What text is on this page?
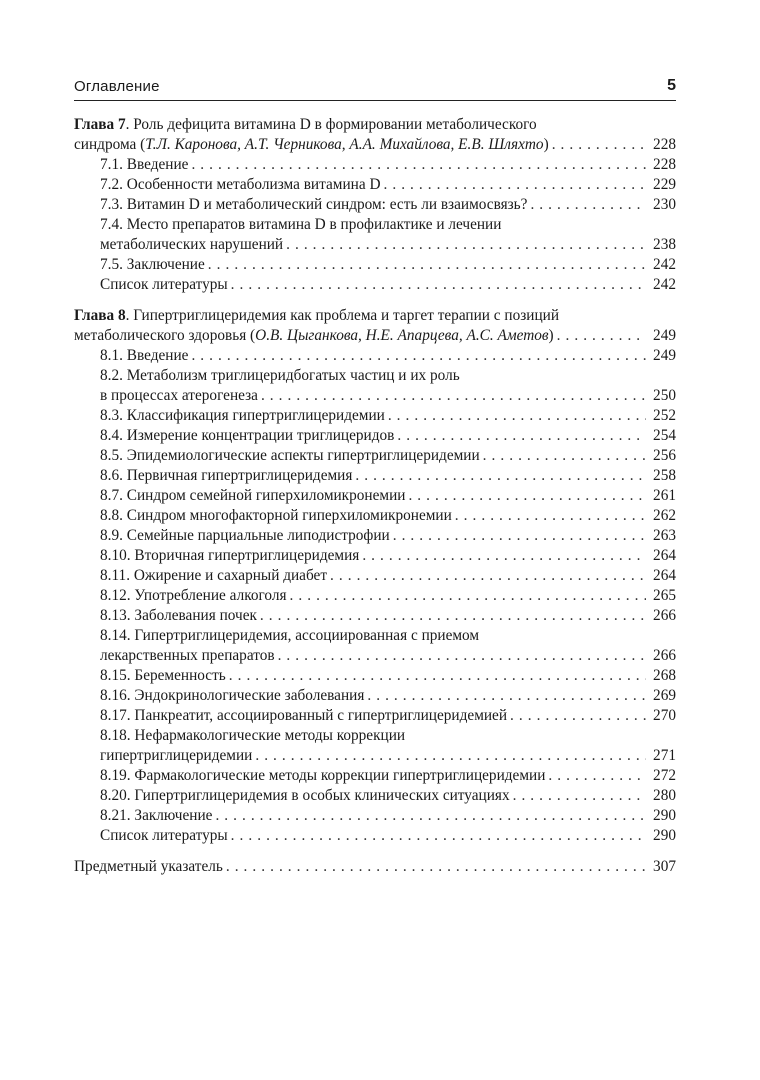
Оглавление	5
Глава 7. Роль дефицита витамина D в формировании метаболического
синдрома (Т.Л. Каронова, А.Т. Черникова, А.А. Михайлова, Е.В. Шляхто) . . .	228
7.1. Введение . . .	228
7.2. Особенности метаболизма витамина D . . .	229
7.3. Витамин D и метаболический синдром: есть ли взаимосвязь? . . .	230
7.4. Место препаратов витамина D в профилактике и лечении
метаболических нарушений . . .	238
7.5. Заключение . . .	242
Список литературы . . .	242
Глава 8. Гипертриглицеридемия как проблема и таргет терапии с позиций
метаболического здоровья (О.В. Цыганкова, Н.Е. Апарцева, А.С. Аметов) . . .	249
8.1. Введение . . .	249
8.2. Метаболизм триглицеридбогатых частиц и их роль
в процессах атерогенеза . . .	250
8.3. Классификация гипертриглицеридемии . . .	252
8.4. Измерение концентрации триглицеридов . . .	254
8.5. Эпидемиологические аспекты гипертриглицеридемии . . .	256
8.6. Первичная гипертриглицеридемия . . .	258
8.7. Синдром семейной гиперхиломикронемии . . .	261
8.8. Синдром многофакторной гиперхиломикронемии . . .	262
8.9. Семейные парциальные липодистрофии . . .	263
8.10. Вторичная гипертриглицеридемия . . .	264
8.11. Ожирение и сахарный диабет . . .	264
8.12. Употребление алкоголя . . .	265
8.13. Заболевания почек . . .	266
8.14. Гипертриглицеридемия, ассоциированная с приемом
лекарственных препаратов . . .	266
8.15. Беременность . . .	268
8.16. Эндокринологические заболевания . . .	269
8.17. Панкреатит, ассоциированный с гипертриглицеридемией . . .	270
8.18. Нефармакологические методы коррекции
гипертриглицеридемии . . .	271
8.19. Фармакологические методы коррекции гипертриглицеридемии . . .	272
8.20. Гипертриглицеридемия в особых клинических ситуациях . . .	280
8.21. Заключение . . .	290
Список литературы . . .	290
Предметный указатель . . .	307
